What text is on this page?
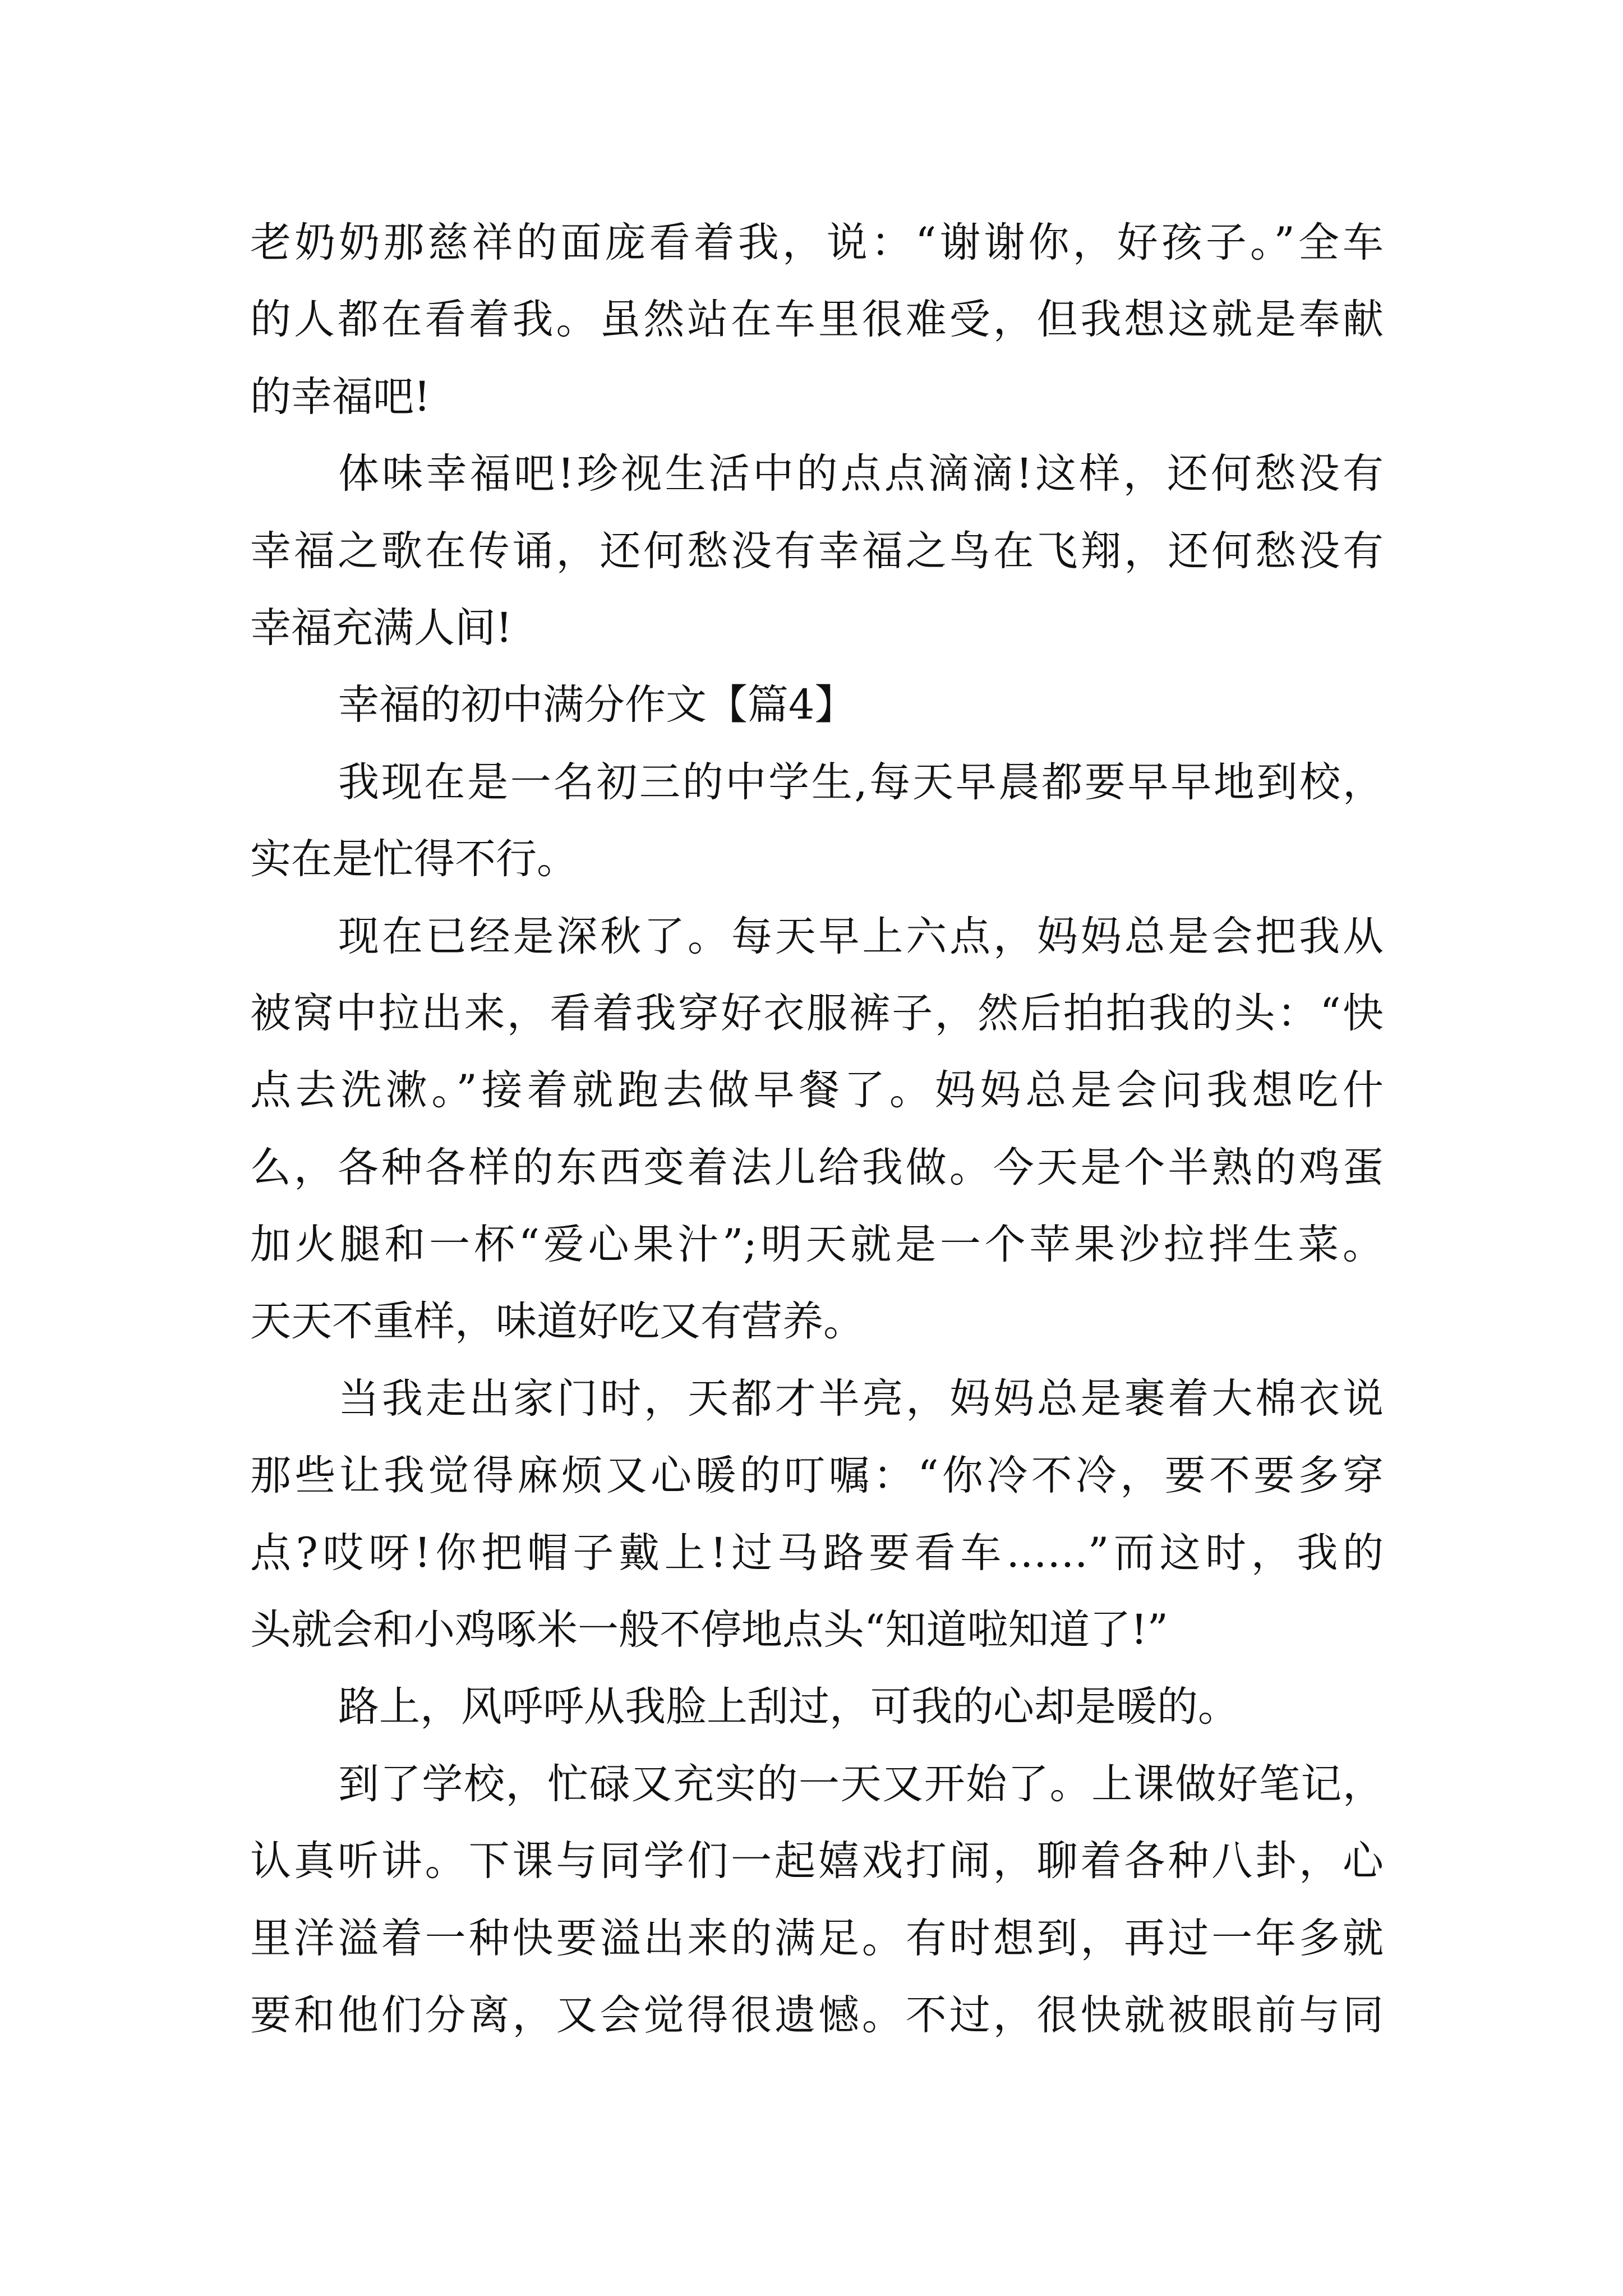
老奶奶那慈祥的面庞看着我，说：“谢谢你，好孩子。”全车
的人都在看着我。虽然站在车里很难受，但我想这就是奉献
的幸福吧!
体味幸福吧!珍视生活中的点点滴滴!这样，还何愁没有
幸福之歌在传诵，还何愁没有幸福之鸟在飞翔，还何愁没有
幸福充满人间!
幸福的初中满分作文【篇4】
我现在是一名初三的中学生,每天早晨都要早早地到校，
实在是忙得不行。
现在已经是深秋了。每天早上六点，妈妈总是会把我从
被窝中拉出来，看着我穿好衣服裤子，然后拍拍我的头：“快
点去洗漱。”接着就跑去做早餐了。妈妈总是会问我想吃什
么，各种各样的东西变着法儿给我做。今天是个半熟的鸡蛋
加火腿和一杯“爱心果汁”;明天就是一个苹果沙拉拌生菜。
天天不重样，味道好吃又有营养。
当我走出家门时，天都才半亮，妈妈总是裹着大棉衣说
那些让我觉得麻烦又心暖的叮嘱：“你冷不冷，要不要多穿
点?哎呀!你把帽子戴上!过马路要看车……”而这时，我的
头就会和小鸡啄米一般不停地点头“知道啦知道了!”
路上，风呼呼从我脸上刮过，可我的心却是暖的。
到了学校，忙碌又充实的一天又开始了。上课做好笔记，
认真听讲。下课与同学们一起嬉戏打闹，聊着各种八卦，心
里洋溢着一种快要溢出来的满足。有时想到，再过一年多就
要和他们分离，又会觉得很遗憾。不过，很快就被眼前与同
